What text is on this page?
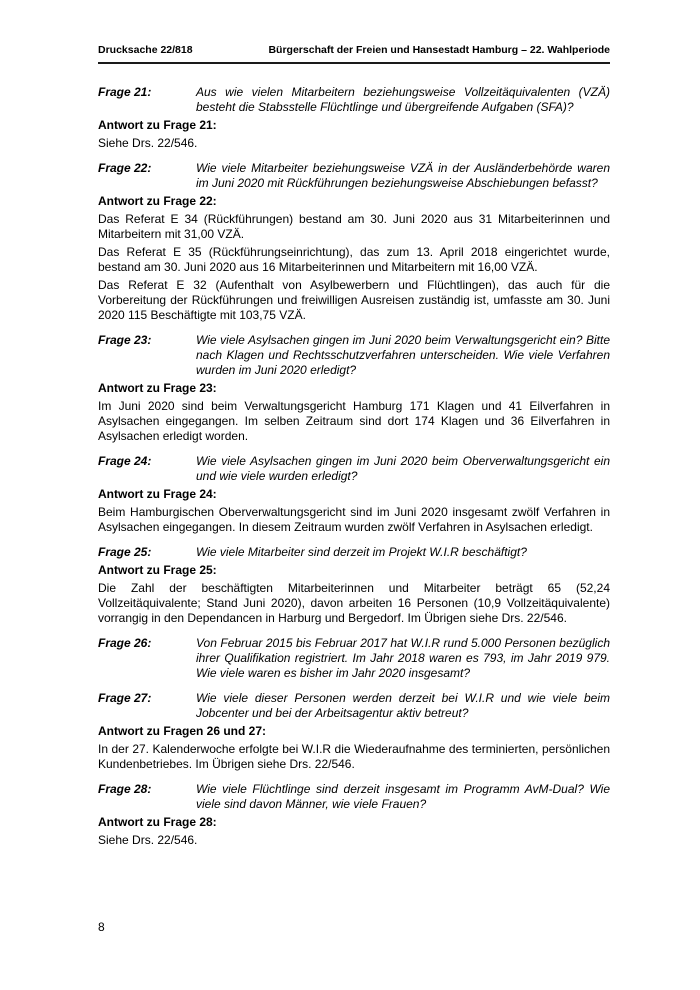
Drucksache 22/818	Bürgerschaft der Freien und Hansestadt Hamburg – 22. Wahlperiode
Frage 21:	Aus wie vielen Mitarbeitern beziehungsweise Vollzeitäquivalenten (VZÄ) besteht die Stabsstelle Flüchtlinge und übergreifende Aufgaben (SFA)?
Antwort zu Frage 21:

Siehe Drs. 22/546.

Frage 22:	Wie viele Mitarbeiter beziehungsweise VZÄ in der Ausländerbehörde waren im Juni 2020 mit Rückführungen beziehungsweise Abschiebungen befasst?
Antwort zu Frage 22:

Das Referat E 34 (Rückführungen) bestand am 30. Juni 2020 aus 31 Mitarbeiterinnen und Mitarbeitern mit 31,00 VZÄ.

Das Referat E 35 (Rückführungseinrichtung), das zum 13. April 2018 eingerichtet wurde, bestand am 30. Juni 2020 aus 16 Mitarbeiterinnen und Mitarbeitern mit 16,00 VZÄ.

Das Referat E 32 (Aufenthalt von Asylbewerbern und Flüchtlingen), das auch für die Vorbereitung der Rückführungen und freiwilligen Ausreisen zuständig ist, umfasste am 30. Juni 2020 115 Beschäftigte mit 103,75 VZÄ.

Frage 23:	Wie viele Asylsachen gingen im Juni 2020 beim Verwaltungsgericht ein? Bitte nach Klagen und Rechtsschutzverfahren unterscheiden. Wie viele Verfahren wurden im Juni 2020 erledigt?
Antwort zu Frage 23:

Im Juni 2020 sind beim Verwaltungsgericht Hamburg 171 Klagen und 41 Eilverfahren in Asylsachen eingegangen. Im selben Zeitraum sind dort 174 Klagen und 36 Eilverfahren in Asylsachen erledigt worden.

Frage 24:	Wie viele Asylsachen gingen im Juni 2020 beim Oberverwaltungsgericht ein und wie viele wurden erledigt?
Antwort zu Frage 24:

Beim Hamburgischen Oberverwaltungsgericht sind im Juni 2020 insgesamt zwölf Verfahren in Asylsachen eingegangen. In diesem Zeitraum wurden zwölf Verfahren in Asylsachen erledigt.

Frage 25:	Wie viele Mitarbeiter sind derzeit im Projekt W.I.R beschäftigt?
Antwort zu Frage 25:

Die Zahl der beschäftigten Mitarbeiterinnen und Mitarbeiter beträgt 65 (52,24 Vollzeitäquivalente; Stand Juni 2020), davon arbeiten 16 Personen (10,9 Vollzeitäquivalente) vorrangig in den Dependancen in Harburg und Bergedorf. Im Übrigen siehe Drs. 22/546.

Frage 26:	Von Februar 2015 bis Februar 2017 hat W.I.R rund 5.000 Personen bezüglich ihrer Qualifikation registriert. Im Jahr 2018 waren es 793, im Jahr 2019 979. Wie viele waren es bisher im Jahr 2020 insgesamt?
Frage 27:	Wie viele dieser Personen werden derzeit bei W.I.R und wie viele beim Jobcenter und bei der Arbeitsagentur aktiv betreut?
Antwort zu Fragen 26 und 27:

In der 27. Kalenderwoche erfolgte bei W.I.R die Wiederaufnahme des terminierten, persönlichen Kundenbetriebes. Im Übrigen siehe Drs. 22/546.

Frage 28:	Wie viele Flüchtlinge sind derzeit insgesamt im Programm AvM-Dual? Wie viele sind davon Männer, wie viele Frauen?
Antwort zu Frage 28:

Siehe Drs. 22/546.

8
